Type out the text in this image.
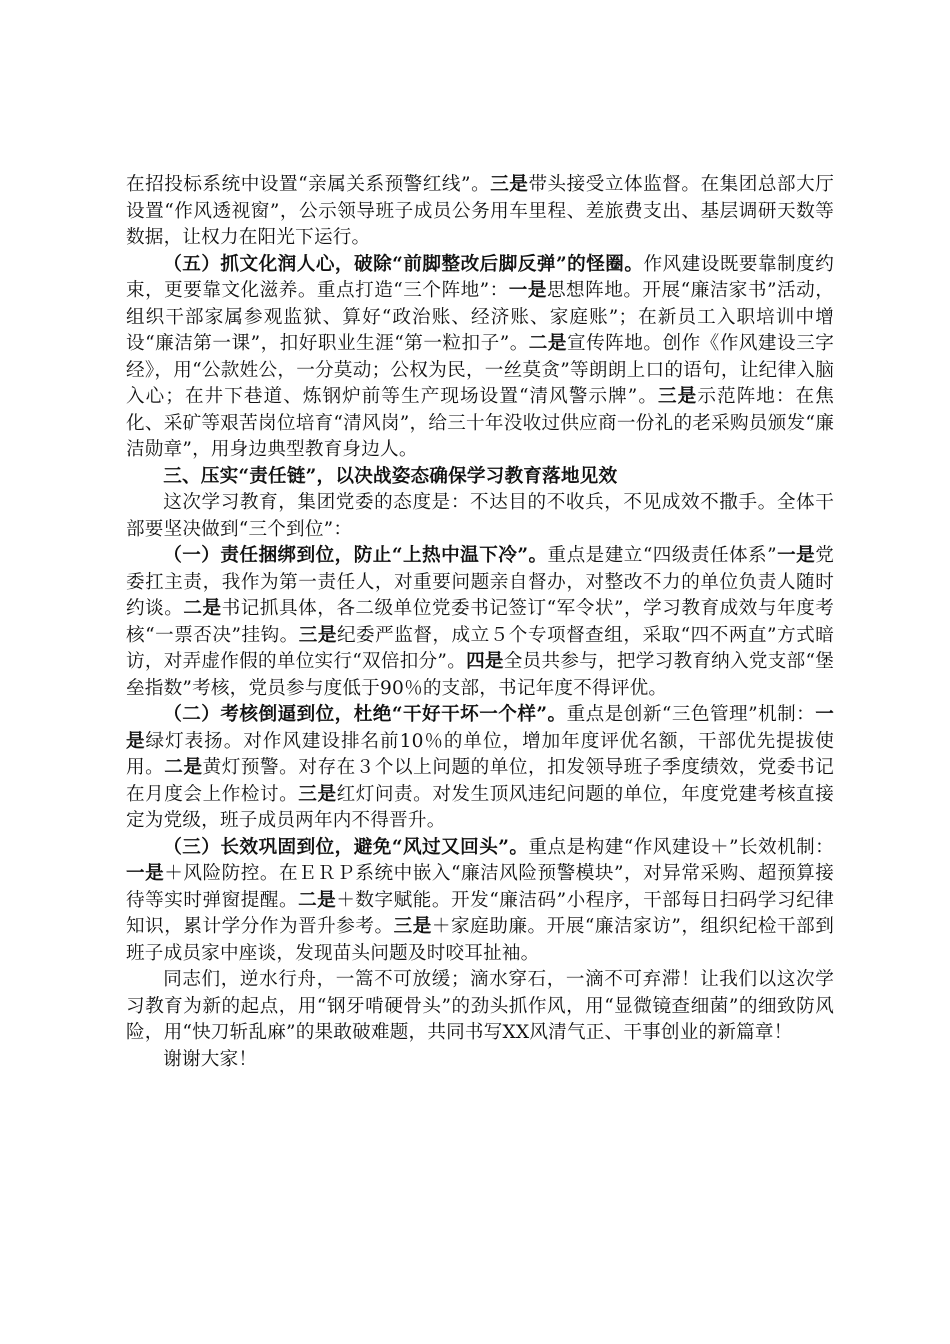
在招投标系统中设置“亲属关系预警红线”。三是带头接受立体监督。在集团总部大厅设置“作风透视窗”，公示领导班子成员公务用车里程、差旅费支出、基层调研天数等数据，让权力在阳光下运行。

（五）抓文化润人心，破除“前脚整改后脚反弹”的怪圈。作风建设既要靠制度约束，更要靠文化滋养。重点打造“三个阵地”：一是思想阵地。开展“廉洁家书”活动，组织干部家属参观监狱、算好“政治账、经济账、家庭账”；在新员工入职培训中增设“廉洁第一课”，扣好职业生涯“第一粒扣子”。二是宣传阵地。创作《作风建设三字经》，用“公款姓公，一分莫动；公权为民，一丝莫贪”等朗朗上口的语句，让纪律入脑入心；在井下巷道、炼钢炉前等生产现场设置“清风警示牌”。三是示范阵地：在焦化、采矿等艰苦岗位培育“清风岗”，给三十年没收过供应商一份礼的老采购员颁发“廉洁勋章”，用身边典型教育身边人。

三、压实“责任链”，以决战姿态确保学习教育落地见效

这次学习教育，集团党委的态度是：不达目的不收兵，不见成效不撒手。全体干部要坚决做到“三个到位”：

（一）责任捆绑到位，防止“上热中温下冷”。重点是建立“四级责任体系”一是党委扛主责，我作为第一责任人，对重要问题亲自督办，对整改不力的单位负责人随时约谈。二是书记抓具体，各二级单位党委书记签订“军令状”，学习教育成效与年度考核“一票否决”挂钩。三是纪委严监督，成立５个专项督查组，采取“四不两直”方式暗访，对弄虚作假的单位实行“双倍扣分”。四是全员共参与，把学习教育纳入党支部“堡垒指数”考核，党员参与度低于90％的支部，书记年度不得评优。

（二）考核倒逼到位，杜绝“干好干坏一个样”。重点是创新“三色管理”机制：一是绿灯表扬。对作风建设排名前10％的单位，增加年度评优名额，干部优先提拔使用。二是黄灯预警。对存在３个以上问题的单位，扣发领导班子季度绩效，党委书记在月度会上作检讨。三是红灯问责。对发生顶风违纪问题的单位，年度党建考核直接定为党级，班子成员两年内不得晋升。

（三）长效巩固到位，避免“风过又回头”。重点是构建“作风建设＋”长效机制：一是＋风险防控。在ＥＲＰ系统中嵌入“廉洁风险预警模块”，对异常采购、超预算接待等实时弹窗提醒。二是＋数字赋能。开发“廉洁码”小程序，干部每日扫码学习纪律知识，累计学分作为晋升参考。三是＋家庭助廉。开展“廉洁家访”，组织纪检干部到班子成员家中座谈，发现苗头问题及时咬耳扯袖。

同志们，逆水行舟，一篙不可放缓；滴水穿石，一滴不可弃滞！让我们以这次学习教育为新的起点，用“钢牙啃硬骨头”的劲头抓作风，用“显微镜查细菌”的细致防风险，用“快刀斩乱麻”的果敢破难题，共同书写XX风清气正、干事创业的新篇章！

谢谢大家！
